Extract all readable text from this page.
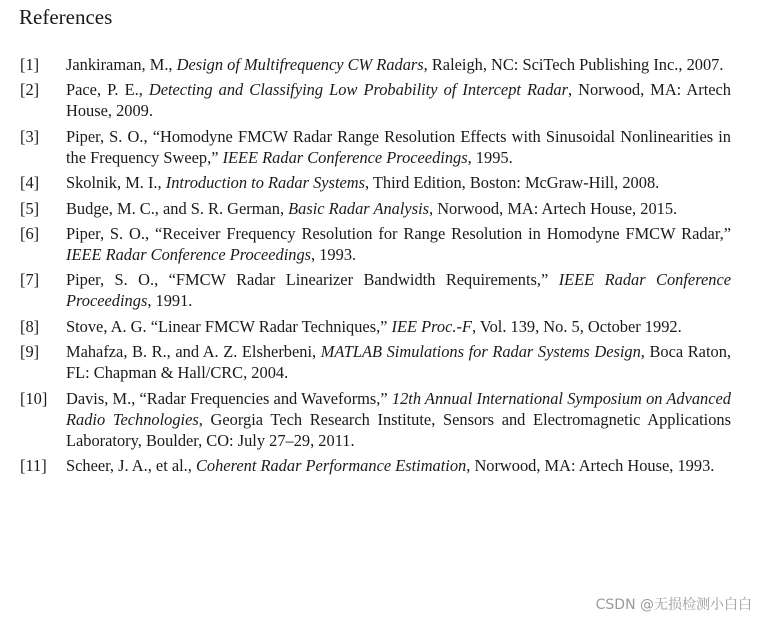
References
[1] Jankiraman, M., Design of Multifrequency CW Radars, Raleigh, NC: SciTech Publishing Inc., 2007.
[2] Pace, P. E., Detecting and Classifying Low Probability of Intercept Radar, Norwood, MA: Artech House, 2009.
[3] Piper, S. O., “Homodyne FMCW Radar Range Resolution Effects with Sinusoidal Nonlinearities in the Frequency Sweep,” IEEE Radar Conference Proceedings, 1995.
[4] Skolnik, M. I., Introduction to Radar Systems, Third Edition, Boston: McGraw-Hill, 2008.
[5] Budge, M. C., and S. R. German, Basic Radar Analysis, Norwood, MA: Artech House, 2015.
[6] Piper, S. O., “Receiver Frequency Resolution for Range Resolution in Homodyne FMCW Radar,” IEEE Radar Conference Proceedings, 1993.
[7] Piper, S. O., “FMCW Radar Linearizer Bandwidth Requirements,” IEEE Radar Conference Proceedings, 1991.
[8] Stove, A. G. “Linear FMCW Radar Techniques,” IEE Proc.-F, Vol. 139, No. 5, October 1992.
[9] Mahafza, B. R., and A. Z. Elsherbeni, MATLAB Simulations for Radar Systems Design, Boca Raton, FL: Chapman & Hall/CRC, 2004.
[10] Davis, M., “Radar Frequencies and Waveforms,” 12th Annual International Symposium on Advanced Radio Technologies, Georgia Tech Research Institute, Sensors and Electromagnetic Applications Laboratory, Boulder, CO: July 27–29, 2011.
[11] Scheer, J. A., et al., Coherent Radar Performance Estimation, Norwood, MA: Artech House, 1993.

CSDN @无损检测小白白
